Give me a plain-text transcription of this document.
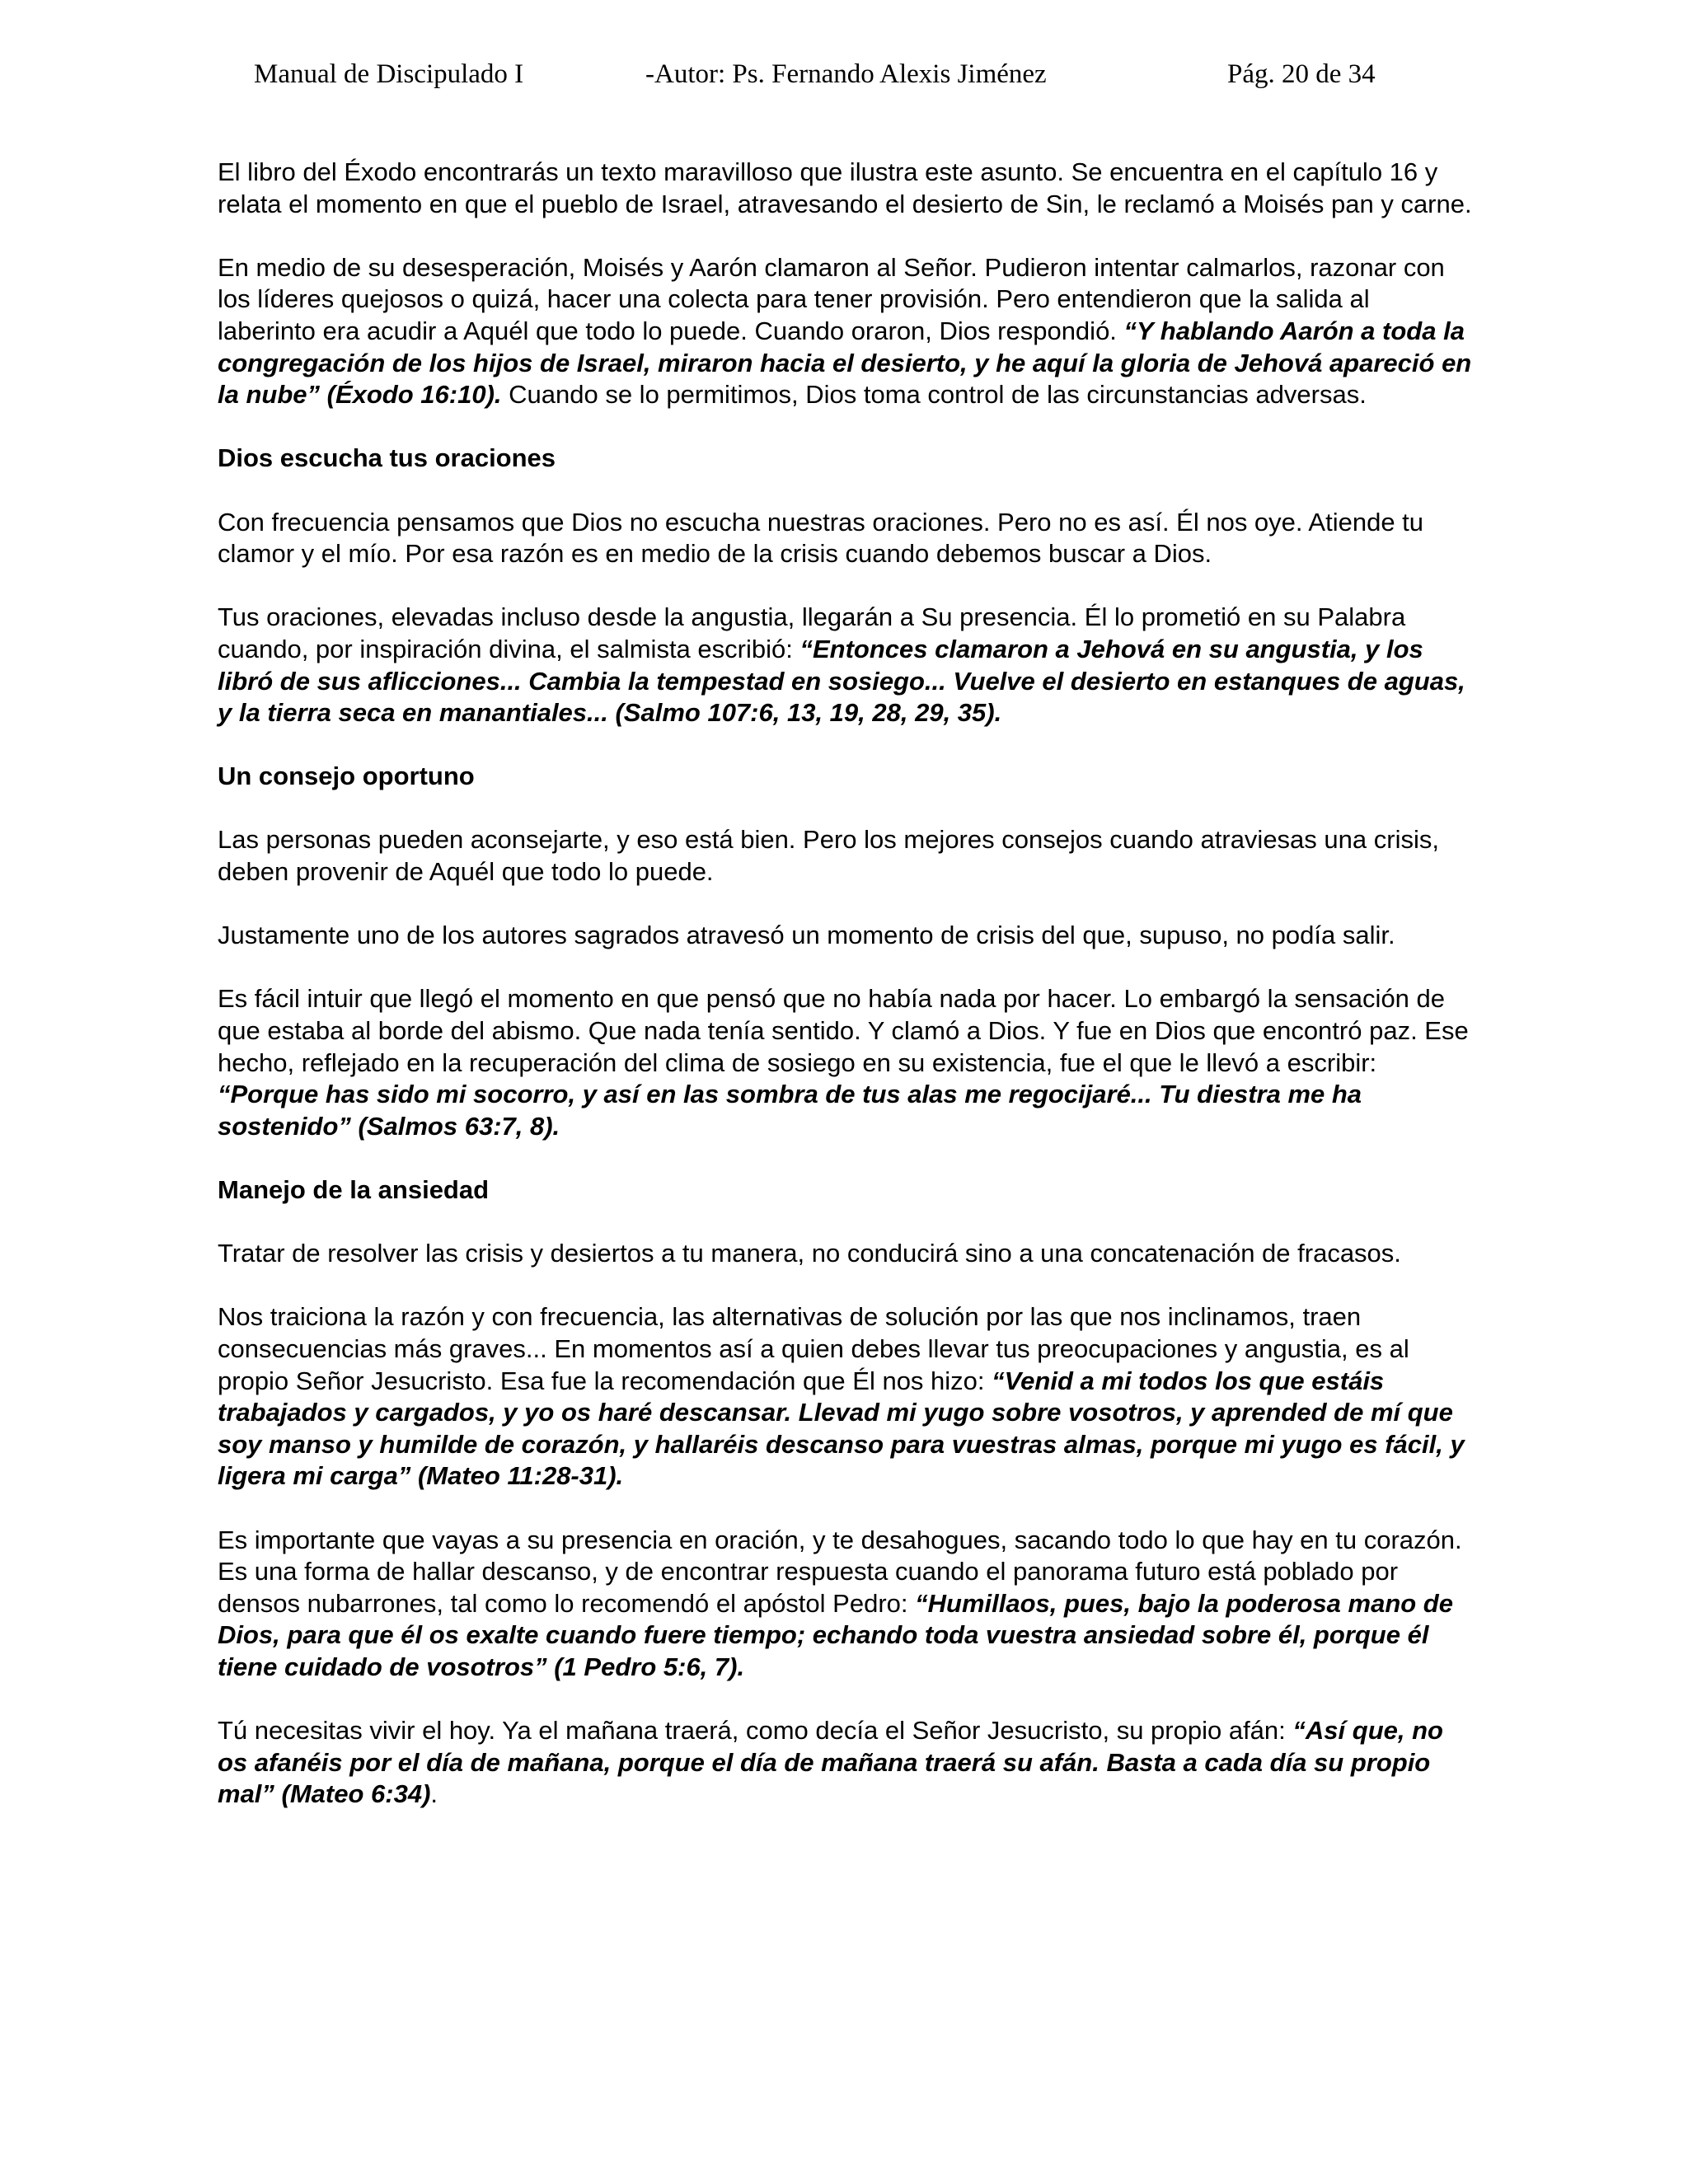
Manual de Discipulado I	-Autor: Ps. Fernando Alexis Jiménez	Pág. 20 de 34

El libro del Éxodo encontrarás un texto maravilloso que ilustra este asunto. Se encuentra en el capítulo 16 y relata el momento en que el pueblo de Israel, atravesando el desierto de Sin, le reclamó a Moisés pan y carne.

En medio de su desesperación, Moisés y Aarón clamaron al Señor. Pudieron intentar calmarlos, razonar con los líderes quejosos o quizá, hacer una colecta para tener provisión. Pero entendieron que la salida al laberinto era acudir a Aquél que todo lo puede. Cuando oraron, Dios respondió. “Y hablando Aarón a toda la congregación de los hijos de Israel, miraron hacia el desierto, y he aquí la gloria de Jehová apareció en la nube” (Éxodo 16:10). Cuando se lo permitimos, Dios toma control de las circunstancias adversas.

Dios escucha tus oraciones

Con frecuencia pensamos que Dios no escucha nuestras oraciones. Pero no es así. Él nos oye. Atiende tu clamor y el mío. Por esa razón es en medio de la crisis cuando debemos buscar a Dios.

Tus oraciones, elevadas incluso desde la angustia, llegarán a Su presencia. Él lo prometió en su Palabra cuando, por inspiración divina, el salmista escribió: “Entonces clamaron a Jehová en su angustia, y los libró de sus aflicciones... Cambia la tempestad en sosiego... Vuelve el desierto en estanques de aguas, y la tierra seca en manantiales... (Salmo 107:6, 13, 19, 28, 29, 35).

Un consejo oportuno

Las personas pueden aconsejarte, y eso está bien. Pero los mejores consejos cuando atraviesas una crisis, deben provenir de Aquél que todo lo puede.

Justamente uno de los autores sagrados atravesó un momento de crisis del que, supuso, no podía salir.

Es fácil intuir que llegó el momento en que pensó que no había nada por hacer. Lo embargó la sensación de que estaba al borde del abismo. Que nada tenía sentido. Y clamó a Dios. Y fue en Dios que encontró paz. Ese hecho, reflejado en la recuperación del clima de sosiego en su existencia, fue el que le llevó a escribir: “Porque has sido mi socorro, y así en las sombra de tus alas me regocijaré... Tu diestra me ha sostenido” (Salmos 63:7, 8).

Manejo de la ansiedad

Tratar de resolver las crisis y desiertos a tu manera, no conducirá sino a una concatenación de fracasos.

Nos traiciona la razón y con frecuencia, las alternativas de solución por las que nos inclinamos, traen consecuencias más graves... En momentos así a quien debes llevar tus preocupaciones y angustia, es al propio Señor Jesucristo. Esa fue la recomendación que Él nos hizo: “Venid a mi todos los que estáis trabajados y cargados, y yo os haré descansar. Llevad mi yugo sobre vosotros, y aprended de mí que soy manso y humilde de corazón, y hallaréis descanso para vuestras almas, porque mi yugo es fácil, y ligera mi carga” (Mateo 11:28-31).

Es importante que vayas a su presencia en oración, y te desahogues, sacando todo lo que hay en tu corazón. Es una forma de hallar descanso, y de encontrar respuesta cuando el panorama futuro está poblado por densos nubarrones, tal como lo recomendó el apóstol Pedro: “Humillaos, pues, bajo la poderosa mano de Dios, para que él os exalte cuando fuere tiempo; echando toda vuestra ansiedad sobre él, porque él tiene cuidado de vosotros” (1 Pedro 5:6, 7).

Tú necesitas vivir el hoy. Ya el mañana traerá, como decía el Señor Jesucristo, su propio afán: “Así que, no os afanéis por el día de mañana, porque el día de mañana traerá su afán. Basta a cada día su propio mal” (Mateo 6:34).
